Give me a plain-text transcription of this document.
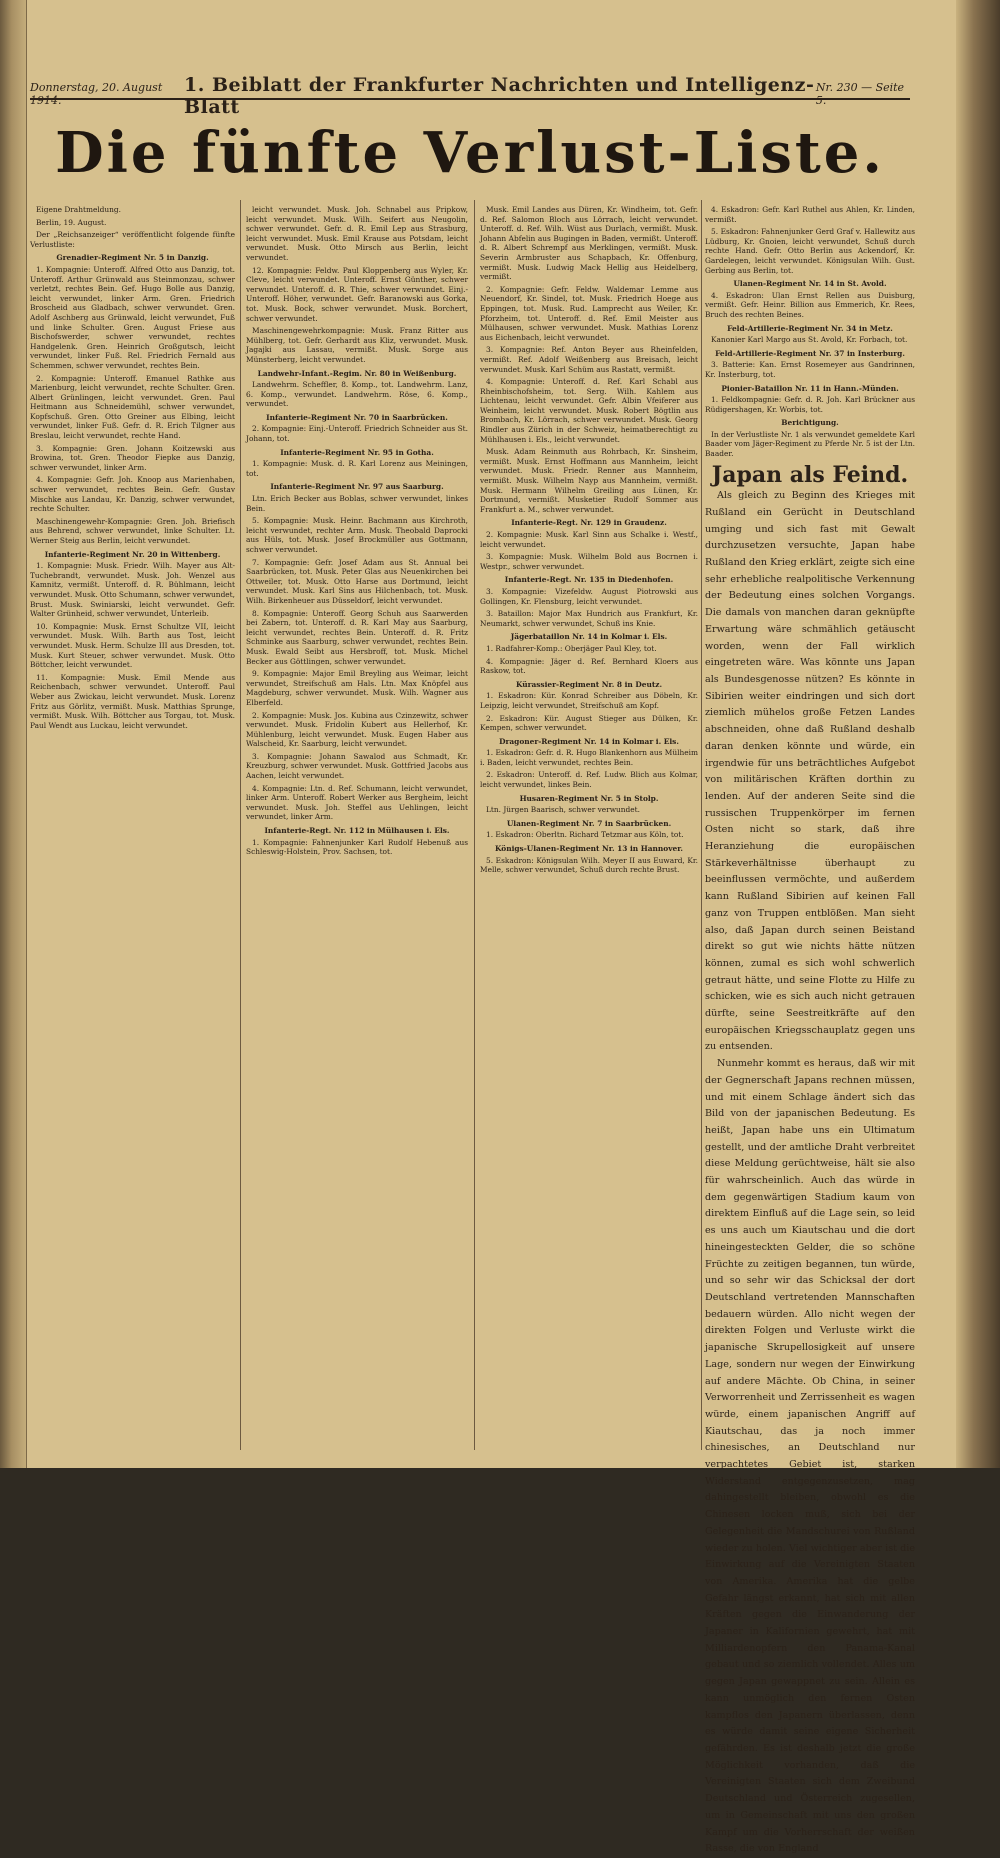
Donnerstag, 20. August 1914.
1. Beiblatt der Frankfurter Nachrichten und Intelligenz-Blatt
Nr. 230 — Seite 5.
Die fünfte Verlust-Liste.

Eigene Drahtmeldung.

Berlin, 19. August.

Der „Reichsanzeiger“ veröffentlicht folgende fünfte Verlustliste:

Grenadier-Regiment Nr. 5 in Danzig.

1. Kompagnie: Unteroff. Alfred Otto aus Danzig, tot. Unteroff. Arthur Grünwald aus Steinmonzau, schwer verletzt, rechtes Bein. Gef. Hugo Bolle aus Danzig, leicht verwundet, linker Arm. Gren. Friedrich Broscheid aus Gladbach, schwer verwundet. Gren. Adolf Aschberg aus Grünwald, leicht verwundet, Fuß und linke Schulter. Gren. August Friese aus Bischofswerder, schwer verwundet, rechtes Handgelenk. Gren. Heinrich Großgutsch, leicht verwundet, linker Fuß. Rel. Friedrich Fernald aus Schemmen, schwer verwundet, rechtes Bein.

2. Kompagnie: Unteroff. Emanuel Rathke aus Marienburg, leicht verwundet, rechte Schulter. Gren. Albert Grünlingen, leicht verwundet. Gren. Paul Heitmann aus Schneidemühl, schwer verwundet, Kopfschuß. Gren. Otto Greiner aus Elbing, leicht verwundet, linker Fuß. Gefr. d. R. Erich Tilgner aus Breslau, leicht verwundet, rechte Hand.

3. Kompagnie: Gren. Johann Koitzewski aus Browina, tot. Gren. Theodor Fiepke aus Danzig, schwer verwundet, linker Arm.

4. Kompagnie: Gefr. Joh. Knoop aus Marienhaben, schwer verwundet, rechtes Bein. Gefr. Gustav Mischke aus Landau, Kr. Danzig, schwer verwundet, rechte Schulter.

Maschinengewehr-Kompagnie: Gren. Joh. Briefisch aus Behrend, schwer verwundet, linke Schulter. Lt. Werner Steig aus Berlin, leicht verwundet.

Infanterie-Regiment Nr. 20 in Wittenberg.

1. Kompagnie: Musk. Friedr. Wilh. Mayer aus Alt-Tuchebrandt, verwundet. Musk. Joh. Wenzel aus Kamnitz, vermißt. Unteroff. d. R. Bühlmann, leicht verwundet. Musk. Otto Schumann, schwer verwundet, Brust. Musk. Swiniarski, leicht verwundet. Gefr. Walter Grünheid, schwer verwundet, Unterleib.

10. Kompagnie: Musk. Ernst Schultze VII, leicht verwundet. Musk. Wilh. Barth aus Tost, leicht verwundet. Musk. Herm. Schulze III aus Dresden, tot. Musk. Kurt Steuer, schwer verwundet. Musk. Otto Böttcher, leicht verwundet.

11. Kompagnie: Musk. Emil Mende aus Reichenbach, schwer verwundet. Unteroff. Paul Weber aus Zwickau, leicht verwundet. Musk. Lorenz Fritz aus Görlitz, vermißt. Musk. Matthias Sprunge, vermißt. Musk. Wilh. Böttcher aus Torgau, tot. Musk. Paul Wendt aus Luckau, leicht verwundet.

leicht verwundet. Musk. Joh. Schnabel aus Pripkow, leicht verwundet. Musk. Wilh. Seifert aus Neugolin, schwer verwundet. Gefr. d. R. Emil Lep aus Strasburg, leicht verwundet. Musk. Emil Krause aus Potsdam, leicht verwundet. Musk. Otto Mirsch aus Berlin, leicht verwundet.

12. Kompagnie: Feldw. Paul Kloppenberg aus Wyler, Kr. Cleve, leicht verwundet. Unteroff. Ernst Günther, schwer verwundet. Unteroff. d. R. Thie, schwer verwundet. Einj.-Unteroff. Höher, verwundet. Gefr. Baranowski aus Gorka, tot. Musk. Bock, schwer verwundet. Musk. Borchert, schwer verwundet.

Maschinengewehrkompagnie: Musk. Franz Ritter aus Mühlberg, tot. Gefr. Gerhardt aus Kliz, verwundet. Musk. Jagajki aus Lassau, vermißt. Musk. Sorge aus Münsterberg, leicht verwundet.

Landwehr-Infant.-Regim. Nr. 80 in Weißenburg.

Landwehrm. Scheffler, 8. Komp., tot. Landwehrm. Lanz, 6. Komp., verwundet. Landwehrm. Röse, 6. Komp., verwundet.

Infanterie-Regiment Nr. 70 in Saarbrücken.

2. Kompagnie: Einj.-Unteroff. Friedrich Schneider aus St. Johann, tot.

Infanterie-Regiment Nr. 95 in Gotha.

1. Kompagnie: Musk. d. R. Karl Lorenz aus Meiningen, tot.

Infanterie-Regiment Nr. 97 aus Saarburg.

Ltn. Erich Becker aus Boblas, schwer verwundet, linkes Bein.

5. Kompagnie: Musk. Heinr. Bachmann aus Kirchroth, leicht verwundet, rechter Arm. Musk. Theobald Daprocki aus Hüls, tot. Musk. Josef Brockmüller aus Gottmann, schwer verwundet.

7. Kompagnie: Gefr. Josef Adam aus St. Annual bei Saarbrücken, tot. Musk. Peter Glas aus Neuenkirchen bei Ottweiler, tot. Musk. Otto Harse aus Dortmund, leicht verwundet. Musk. Karl Sins aus Hilchenbach, tot. Musk. Wilh. Birkenheuer aus Düsseldorf, leicht verwundet.

8. Kompagnie: Unteroff. Georg Schuh aus Saarwerden bei Zabern, tot. Unteroff. d. R. Karl May aus Saarburg, leicht verwundet, rechtes Bein. Unteroff. d. R. Fritz Schminke aus Saarburg, schwer verwundet, rechtes Bein. Musk. Ewald Seibt aus Hersbroff, tot. Musk. Michel Becker aus Göttlingen, schwer verwundet.

9. Kompagnie: Major Emil Breyling aus Weimar, leicht verwundet, Streifschuß am Hals. Ltn. Max Knöpfel aus Magdeburg, schwer verwundet. Musk. Wilh. Wagner aus Elberfeld.

2. Kompagnie: Musk. Jos. Kubina aus Czinzewitz, schwer verwundet. Musk. Fridolin Kubert aus Hellerhof, Kr. Mühlenburg, leicht verwundet. Musk. Eugen Haber aus Walscheid, Kr. Saarburg, leicht verwundet.

3. Kompagnie: Johann Sawalod aus Schmadt, Kr. Kreuzburg, schwer verwundet. Musk. Gottfried Jacobs aus Aachen, leicht verwundet.

4. Kompagnie: Ltn. d. Ref. Schumann, leicht verwundet, linker Arm. Unteroff. Robert Werker aus Bergheim, leicht verwundet. Musk. Joh. Steffel aus Uehlingen, leicht verwundet, linker Arm.

Infanterie-Regt. Nr. 112 in Mülhausen i. Els.

1. Kompagnie: Fahnenjunker Karl Rudolf Hebenuß aus Schleswig-Holstein, Prov. Sachsen, tot.

Musk. Emil Landes aus Düren, Kr. Windheim, tot. Gefr. d. Ref. Salomon Bloch aus Lörrach, leicht verwundet. Unteroff. d. Ref. Wilh. Wüst aus Durlach, vermißt. Musk. Johann Abfelin aus Bugingen in Baden, vermißt. Unteroff. d. R. Albert Schrempf aus Merklingen, vermißt. Musk. Severin Armbruster aus Schapbach, Kr. Offenburg, vermißt. Musk. Ludwig Mack Hellig aus Heidelberg, vermißt.

2. Kompagnie: Gefr. Feldw. Waldemar Lemme aus Neuendorf, Kr. Sindel, tot. Musk. Friedrich Hoege aus Eppingen, tot. Musk. Rud. Lamprecht aus Weiler, Kr. Pforzheim, tot. Unteroff. d. Ref. Emil Meister aus Mülhausen, schwer verwundet. Musk. Mathias Lorenz aus Eichenbach, leicht verwundet.

3. Kompagnie: Ref. Anton Beyer aus Rheinfelden, vermißt. Ref. Adolf Weißenberg aus Breisach, leicht verwundet. Musk. Karl Schüm aus Rastatt, vermißt.

4. Kompagnie: Unteroff. d. Ref. Karl Schabl aus Rheinbischofsheim, tot. Serg. Wilh. Kahlem aus Lichtenau, leicht verwundet. Gefr. Albin Vfeiferer aus Weinheim, leicht verwundet. Musk. Robert Bögtlin aus Brombach, Kr. Lörrach, schwer verwundet. Musk. Georg Rindler aus Zürich in der Schweiz, heimatberechtigt zu Mühlhausen i. Els., leicht verwundet.

Musk. Adam Reinmuth aus Rohrbach, Kr. Sinsheim, vermißt. Musk. Ernst Hoffmann aus Mannheim, leicht verwundet. Musk. Friedr. Renner aus Mannheim, vermißt. Musk. Wilhelm Nayp aus Mannheim, vermißt. Musk. Hermann Wilhelm Greiling aus Lünen, Kr. Dortmund, vermißt. Musketier Rudolf Sommer aus Frankfurt a. M., schwer verwundet.

Infanterie-Regt. Nr. 129 in Graudenz.

2. Kompagnie: Musk. Karl Sinn aus Schalke i. Westf., leicht verwundet.

3. Kompagnie: Musk. Wilhelm Bold aus Bocrnen i. Westpr., schwer verwundet.

Infanterie-Regt. Nr. 135 in Diedenhofen.

3. Kompagnie: Vizefeldw. August Piotrowski aus Gollingen, Kr. Flensburg, leicht verwundet.

3. Bataillon: Major Max Hundrich aus Frankfurt, Kr. Neumarkt, schwer verwundet, Schuß ins Knie.

Jägerbataillon Nr. 14 in Kolmar i. Els.

1. Radfahrer-Komp.: Oberjäger Paul Kley, tot.

4. Kompagnie: Jäger d. Ref. Bernhard Kloers aus Raskow, tot.

Kürassier-Regiment Nr. 8 in Deutz.

1. Eskadron: Kür. Konrad Schreiber aus Döbeln, Kr. Leipzig, leicht verwundet, Streifschuß am Kopf.

2. Eskadron: Kür. August Stieger aus Dülken, Kr. Kempen, schwer verwundet.

Dragoner-Regiment Nr. 14 in Kolmar i. Els.

1. Eskadron: Gefr. d. R. Hugo Blankenhorn aus Mülheim i. Baden, leicht verwundet, rechtes Bein.

2. Eskadron: Unteroff. d. Ref. Ludw. Blich aus Kolmar, leicht verwundet, linkes Bein.

Husaren-Regiment Nr. 5 in Stolp.

Ltn. Jürgen Baarisch, schwer verwundet.

Ulanen-Regiment Nr. 7 in Saarbrücken.

1. Eskadron: Oberltn. Richard Tetzmar aus Köln, tot.

Königs-Ulanen-Regiment Nr. 13 in Hannover.

5. Eskadron: Königsulan Wilh. Meyer II aus Euward, Kr. Melle, schwer verwundet, Schuß durch rechte Brust.

4. Eskadron: Gefr. Karl Ruthel aus Ahlen, Kr. Linden, vermißt.

5. Eskadron: Fahnenjunker Gerd Graf v. Hallewitz aus Lüdburg, Kr. Gnoien, leicht verwundet, Schuß durch rechte Hand. Gefr. Otto Berlin aus Ackendorf, Kr. Gardelegen, leicht verwundet. Königsulan Wilh. Gust. Gerbing aus Berlin, tot.

Ulanen-Regiment Nr. 14 in St. Avold.

4. Eskadron: Ulan Ernst Rellen aus Duisburg, vermißt. Gefr. Heinr. Billion aus Emmerich, Kr. Rees, Bruch des rechten Beines.

Feld-Artillerie-Regiment Nr. 34 in Metz.

Kanonier Karl Margo aus St. Avold, Kr. Forbach, tot.

Feld-Artillerie-Regiment Nr. 37 in Insterburg.

3. Batterie: Kan. Ernst Rosemeyer aus Gandrinnen, Kr. Insterburg, tot.

Pionier-Bataillon Nr. 11 in Hann.-Münden.

1. Feldkompagnie: Gefr. d. R. Joh. Karl Brückner aus Rüdigershagen, Kr. Worbis, tot.

Berichtigung.

In der Verlustliste Nr. 1 als verwundet gemeldete Karl Baader vom Jäger-Regiment zu Pferde Nr. 5 ist der Ltn. Baader.

Japan als Feind.

Als gleich zu Beginn des Krieges mit Rußland ein Gerücht in Deutschland umging und sich fast mit Gewalt durchzusetzen versuchte, Japan habe Rußland den Krieg erklärt, zeigte sich eine sehr erhebliche realpolitische Verkennung der Bedeutung eines solchen Vorgangs. Die damals von manchen daran geknüpfte Erwartung wäre schmählich getäuscht worden, wenn der Fall wirklich eingetreten wäre. Was könnte uns Japan als Bundesgenosse nützen? Es könnte in Sibirien weiter eindringen und sich dort ziemlich mühelos große Fetzen Landes abschneiden, ohne daß Rußland deshalb daran denken könnte und würde, ein irgendwie für uns beträchtliches Aufgebot von militärischen Kräften dorthin zu lenden. Auf der anderen Seite sind die russischen Truppenkörper im fernen Osten nicht so stark, daß ihre Heranziehung die europäischen Stärkeverhältnisse überhaupt zu beeinflussen vermöchte, und außerdem kann Rußland Sibirien auf keinen Fall ganz von Truppen entblößen. Man sieht also, daß Japan durch seinen Beistand direkt so gut wie nichts hätte nützen können, zumal es sich wohl schwerlich getraut hätte, und seine Flotte zu Hilfe zu schicken, wie es sich auch nicht getrauen dürfte, seine Seestreitkräfte auf den europäischen Kriegsschauplatz gegen uns zu entsenden.

Nunmehr kommt es heraus, daß wir mit der Gegnerschaft Japans rechnen müssen, und mit einem Schlage ändert sich das Bild von der japanischen Bedeutung. Es heißt, Japan habe uns ein Ultimatum gestellt, und der amtliche Draht verbreitet diese Meldung gerüchtweise, hält sie also für wahrscheinlich. Auch das würde in dem gegenwärtigen Stadium kaum von direktem Einfluß auf die Lage sein, so leid es uns auch um Kiautschau und die dort hineingesteckten Gelder, die so schöne Früchte zu zeitigen begannen, tun würde, und so sehr wir das Schicksal der dort Deutschland vertretenden Mannschaften bedauern würden. Allo nicht wegen der direkten Folgen und Verluste wirkt die japanische Skrupellosigkeit auf unsere Lage, sondern nur wegen der Einwirkung auf andere Mächte. Ob China, in seiner Verworrenheit und Zerrissenheit es wagen würde, einem japanischen Angriff auf Kiautschau, das ja noch immer chinesisches, an Deutschland nur verpachtetes Gebiet ist, starken Widerstand entgegenzusetzen, mag dahingestellt bleiben, obwohl es die Chinesen locken muß, sich bei der Gelegenheit die Mandschurei von Rußland wieder zu holen. Viel wichtiger aber ist die Einwirkung auf die Vereinigten Staaten von Amerika. Amerika hat die gelbe Gefahr längst erkannt, hat sich mit allen Kräften gegen die Einwanderung der Japaner in Kalifornien gewehrt, hat mit Milliardenopfern den Panama-Kanal gebaut und so ziemlich vollendet. Alles um gegen Japan gewappnet zu sein. Allein es kann unmöglich den fernen Osten kampflos den Japanern überlassen, denn es würde damit seine eigene Sicherheit gefährden. Es ist deshalb jetzt die große Möglichkeit vorhanden, daß die Vereinigten Staaten sich dem Zweibund Deutschland und Österreich zugesellen, um in Gemeinschaft mit uns den großen Kampf um die Vorherrschaft der weißen Rasse, die von England
